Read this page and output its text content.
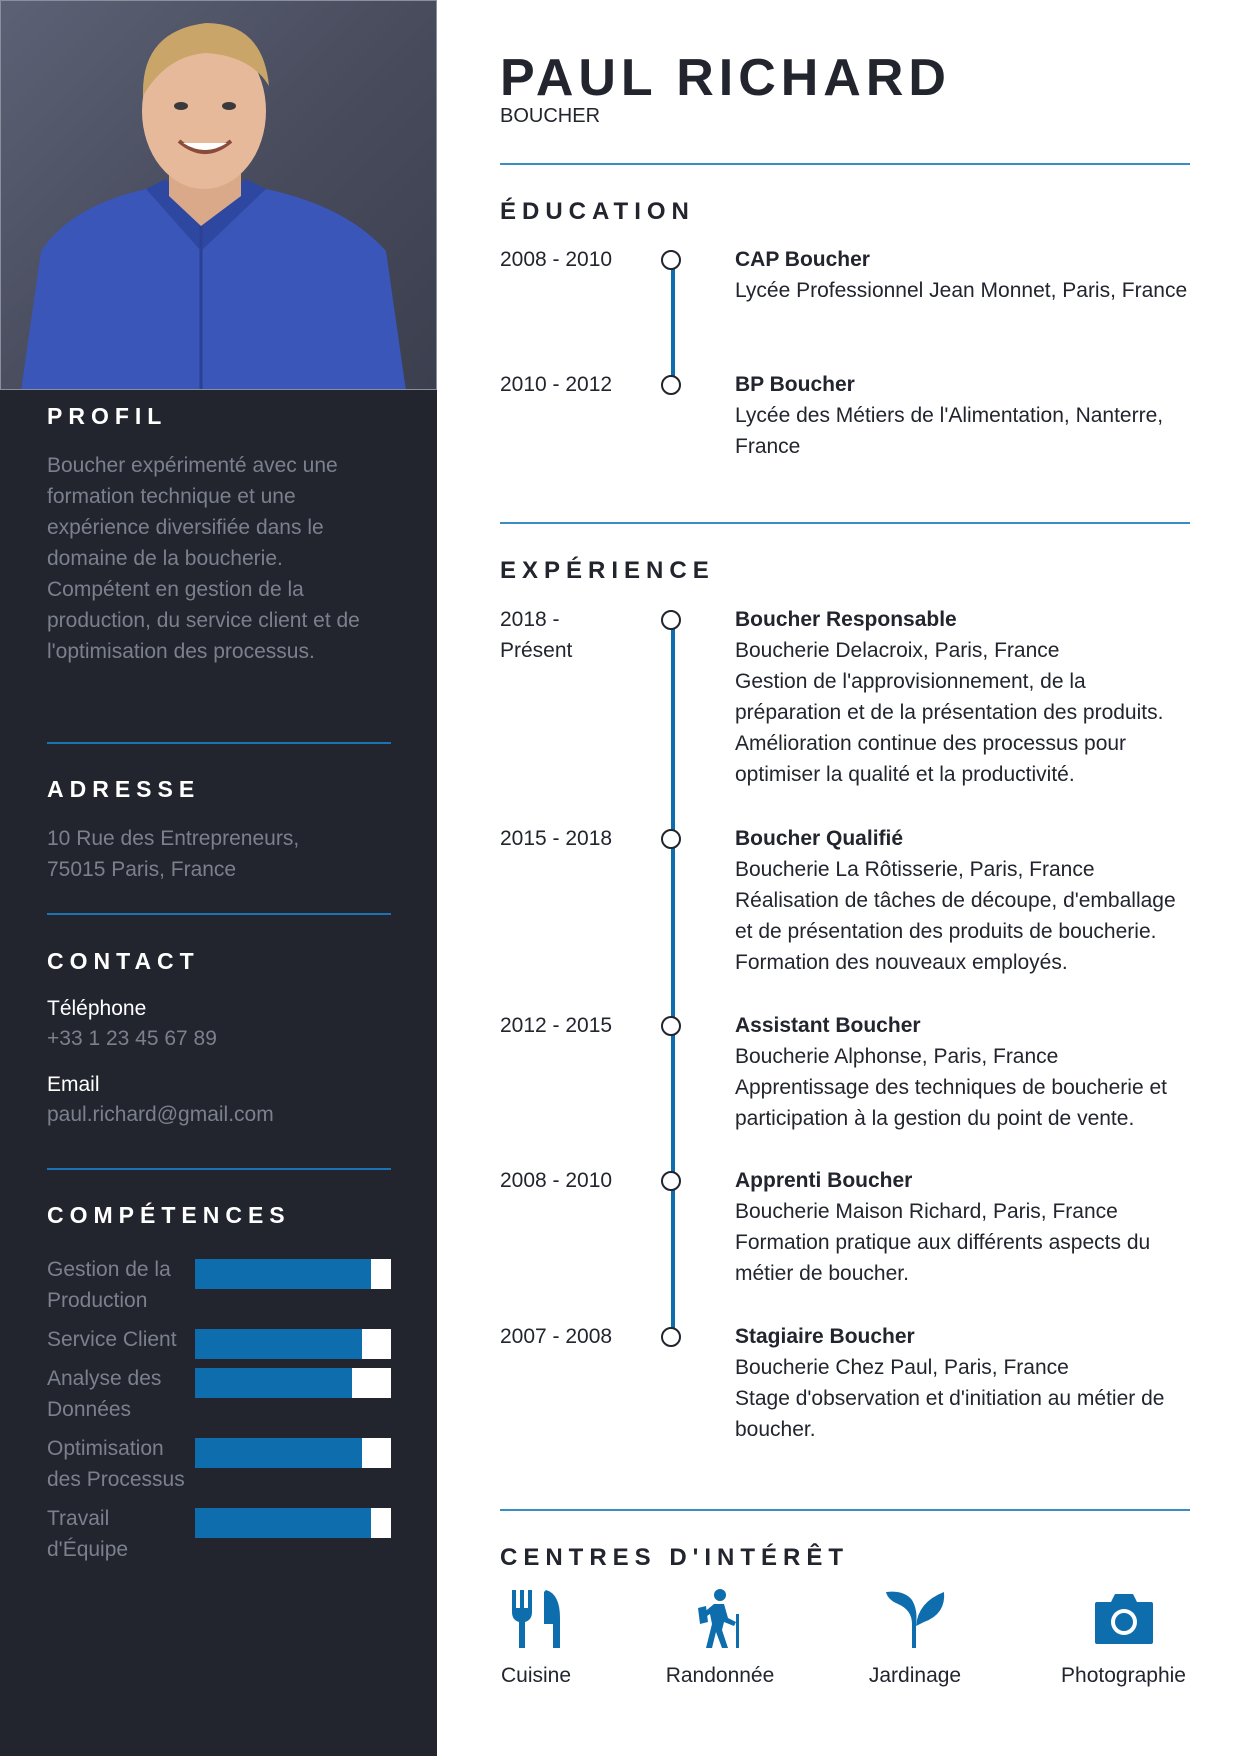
PROFIL
Boucher expérimenté avec une formation technique et une expérience diversifiée dans le domaine de la boucherie. Compétent en gestion de la production, du service client et de l'optimisation des processus.
ADRESSE
10 Rue des Entrepreneurs,
75015 Paris, France
CONTACT
Téléphone
+33 1 23 45 67 89
Email
paul.richard@gmail.com
COMPÉTENCES
Gestion de la Production
Service Client
Analyse des Données
Optimisation des Processus
Travail d'Équipe
PAUL RICHARD
BOUCHER
ÉDUCATION
2008 - 2010	CAP Boucher
Lycée Professionnel Jean Monnet, Paris, France
2010 - 2012	BP Boucher
Lycée des Métiers de l'Alimentation, Nanterre, France
EXPÉRIENCE
2018 - Présent
Boucher Responsable
Boucherie Delacroix, Paris, France
Gestion de l'approvisionnement, de la préparation et de la présentation des produits. Amélioration continue des processus pour optimiser la qualité et la productivité.
2015 - 2018	Boucher Qualifié
Boucherie La Rôtisserie, Paris, France
Réalisation de tâches de découpe, d'emballage et de présentation des produits de boucherie. Formation des nouveaux employés.
2012 - 2015	Assistant Boucher
Boucherie Alphonse, Paris, France
Apprentissage des techniques de boucherie et participation à la gestion du point de vente.
2008 - 2010	Apprenti Boucher
Boucherie Maison Richard, Paris, France
Formation pratique aux différents aspects du métier de boucher.
2007 - 2008	Stagiaire Boucher
Boucherie Chez Paul, Paris, France
Stage d'observation et d'initiation au métier de boucher.
CENTRES D'INTÉRÊT
Cuisine	Randonnée	Jardinage	Photographie
